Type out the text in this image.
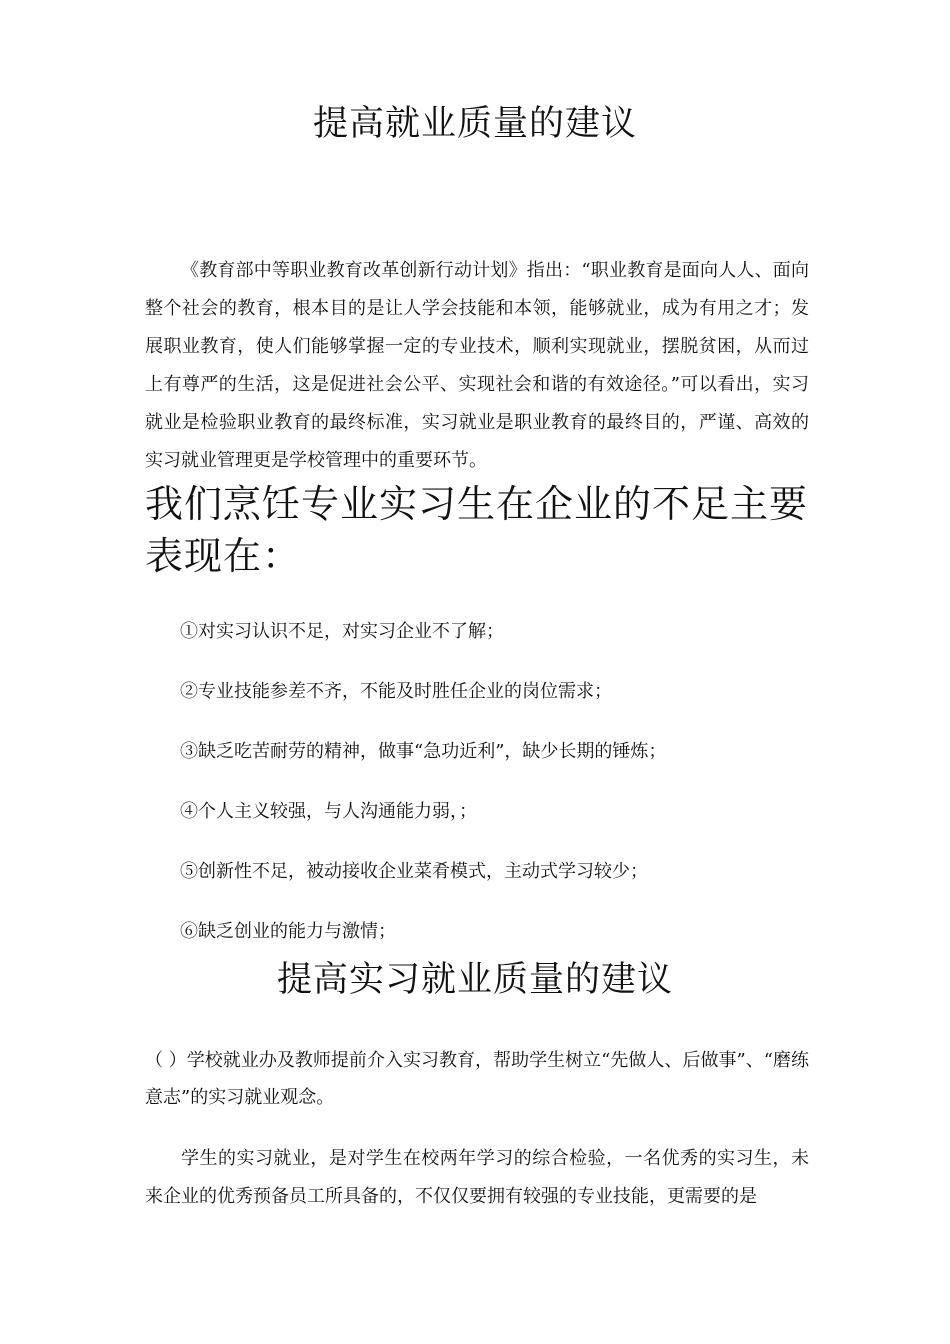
提高就业质量的建议

《教育部中等职业教育改革创新行动计划》指出：“职业教育是面向人人、面向整个社会的教育，根本目的是让人学会技能和本领，能够就业，成为有用之才；发展职业教育，使人们能够掌握一定的专业技术，顺利实现就业，摆脱贫困，从而过上有尊严的生活，这是促进社会公平、实现社会和谐的有效途径。”可以看出，实习就业是检验职业教育的最终标准，实习就业是职业教育的最终目的，严谨、高效的实习就业管理更是学校管理中的重要环节。

我们烹饪专业实习生在企业的不足主要表现在：
①对实习认识不足，对实习企业不了解；
②专业技能参差不齐，不能及时胜任企业的岗位需求；
③缺乏吃苦耐劳的精神，做事“急功近利”，缺少长期的锤炼；
④个人主义较强，与人沟通能力弱，；
⑤创新性不足，被动接收企业菜肴模式，主动式学习较少；
⑥缺乏创业的能力与激情；
提高实习就业质量的建议

（ ）学校就业办及教师提前介入实习教育，帮助学生树立“先做人、后做事”、“磨练意志”的实习就业观念。

学生的实习就业，是对学生在校两年学习的综合检验，一名优秀的实习生，未来企业的优秀预备员工所具备的，不仅仅要拥有较强的专业技能，更需要的是
